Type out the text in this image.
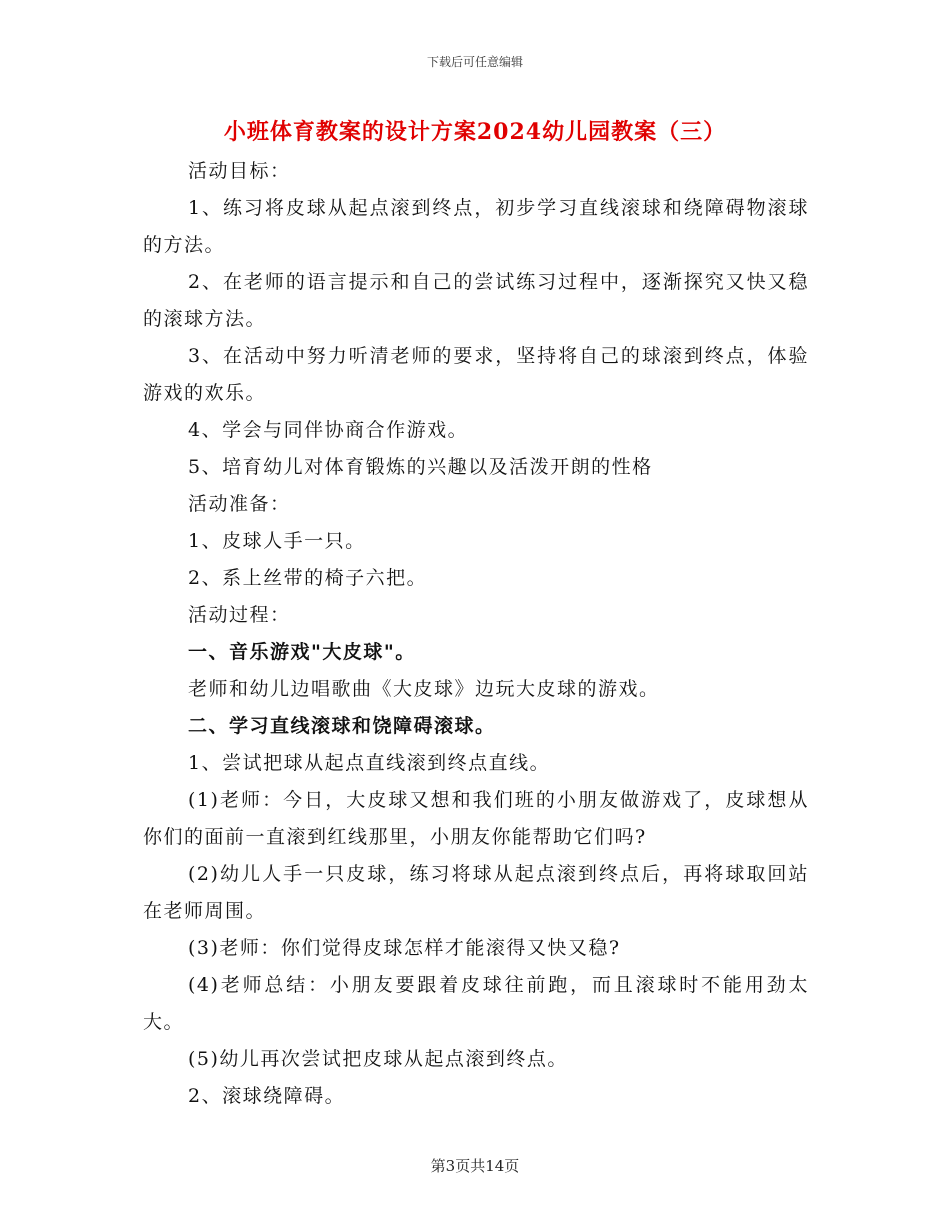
下载后可任意编辑
小班体育教案的设计方案2024幼儿园教案（三）

活动目标：

1、练习将皮球从起点滚到终点，初步学习直线滚球和绕障碍物滚球的方法。

2、在老师的语言提示和自己的尝试练习过程中，逐渐探究又快又稳的滚球方法。

3、在活动中努力听清老师的要求，坚持将自己的球滚到终点，体验游戏的欢乐。

4、学会与同伴协商合作游戏。

5、培育幼儿对体育锻炼的兴趣以及活泼开朗的性格

活动准备：

1、皮球人手一只。

2、系上丝带的椅子六把。

活动过程：

一、音乐游戏"大皮球"。

老师和幼儿边唱歌曲《大皮球》边玩大皮球的游戏。

二、学习直线滚球和饶障碍滚球。

1、尝试把球从起点直线滚到终点直线。

(1)老师：今日，大皮球又想和我们班的小朋友做游戏了，皮球想从你们的面前一直滚到红线那里，小朋友你能帮助它们吗?

(2)幼儿人手一只皮球，练习将球从起点滚到终点后，再将球取回站在老师周围。

(3)老师：你们觉得皮球怎样才能滚得又快又稳?

(4)老师总结：小朋友要跟着皮球往前跑，而且滚球时不能用劲太大。

(5)幼儿再次尝试把皮球从起点滚到终点。

2、滚球绕障碍。

第3页共14页
